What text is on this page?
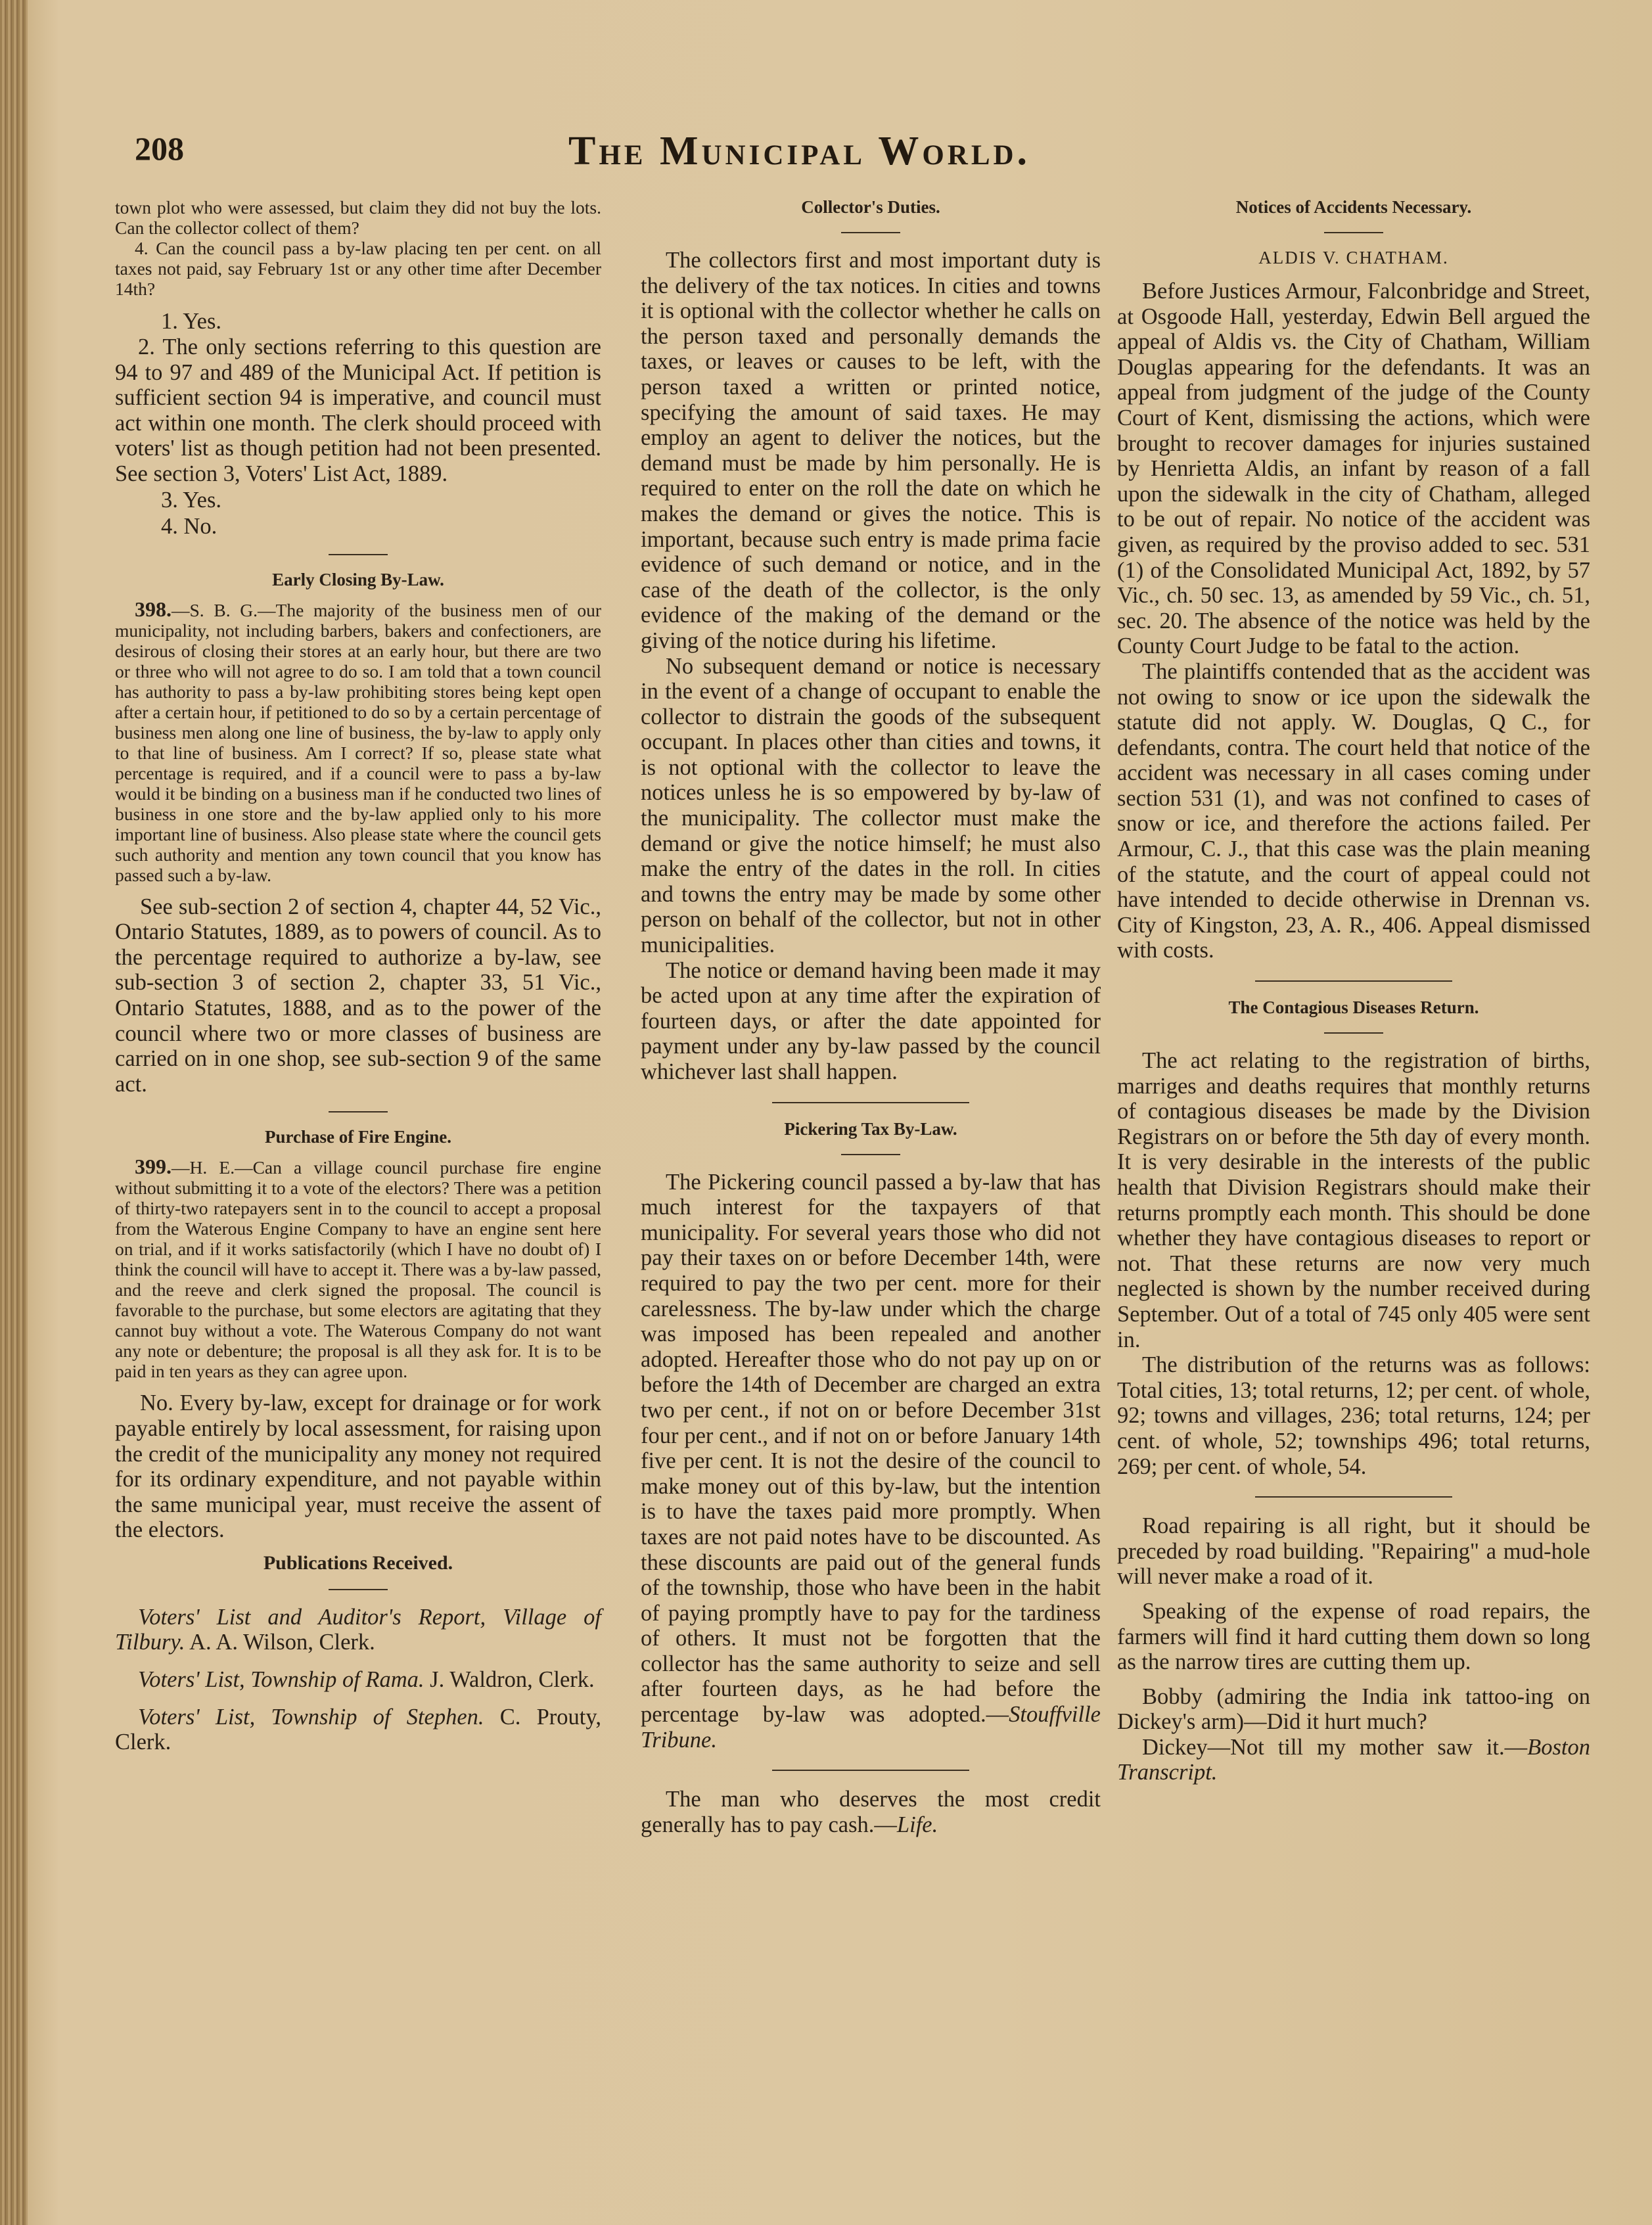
208	The Municipal World.

town plot who were assessed, but claim they did not buy the lots. Can the collector collect of them?

4. Can the council pass a by-law placing ten per cent. on all taxes not paid, say February 1st or any other time after December 14th?

1. Yes.

2. The only sections referring to this question are 94 to 97 and 489 of the Municipal Act. If petition is sufficient section 94 is imperative, and council must act within one month. The clerk should proceed with voters' list as though petition had not been presented. See section 3, Voters' List Act, 1889.

3. Yes.

4. No.

Early Closing By-Law.

398.—S. B. G.—The majority of the business men of our municipality, not including barbers, bakers and confectioners, are desirous of closing their stores at an early hour, but there are two or three who will not agree to do so. I am told that a town council has authority to pass a by-law prohibiting stores being kept open after a certain hour, if petitioned to do so by a certain percentage of business men along one line of business, the by-law to apply only to that line of business. Am I correct? If so, please state what percentage is required, and if a council were to pass a by-law would it be binding on a business man if he conducted two lines of business in one store and the by-law applied only to his more important line of business. Also please state where the council gets such authority and mention any town council that you know has passed such a by-law.

See sub-section 2 of section 4, chapter 44, 52 Vic., Ontario Statutes, 1889, as to powers of council. As to the percentage required to authorize a by-law, see sub-section 3 of section 2, chapter 33, 51 Vic., Ontario Statutes, 1888, and as to the power of the council where two or more classes of business are carried on in one shop, see sub-section 9 of the same act.

Purchase of Fire Engine.

399.—H. E.—Can a village council purchase fire engine without submitting it to a vote of the electors? There was a petition of thirty-two ratepayers sent in to the council to accept a proposal from the Waterous Engine Company to have an engine sent here on trial, and if it works satisfactorily (which I have no doubt of) I think the council will have to accept it. There was a by-law passed, and the reeve and clerk signed the proposal. The council is favorable to the purchase, but some electors are agitating that they cannot buy without a vote. The Waterous Company do not want any note or debenture; the proposal is all they ask for. It is to be paid in ten years as they can agree upon.

No. Every by-law, except for drainage or for work payable entirely by local assessment, for raising upon the credit of the municipality any money not required for its ordinary expenditure, and not payable within the same municipal year, must receive the assent of the electors.

Publications Received.

Voters' List and Auditor's Report, Village of Tilbury. A. A. Wilson, Clerk.

Voters' List, Township of Rama. J. Waldron, Clerk.

Voters' List, Township of Stephen. C. Prouty, Clerk.

Collector's Duties.

The collectors first and most important duty is the delivery of the tax notices. In cities and towns it is optional with the collector whether he calls on the person taxed and personally demands the taxes, or leaves or causes to be left, with the person taxed a written or printed notice, specifying the amount of said taxes. He may employ an agent to deliver the notices, but the demand must be made by him personally. He is required to enter on the roll the date on which he makes the demand or gives the notice. This is important, because such entry is made prima facie evidence of such demand or notice, and in the case of the death of the collector, is the only evidence of the making of the demand or the giving of the notice during his lifetime.

No subsequent demand or notice is necessary in the event of a change of occupant to enable the collector to distrain the goods of the subsequent occupant. In places other than cities and towns, it is not optional with the collector to leave the notices unless he is so empowered by by-law of the municipality. The collector must make the demand or give the notice himself; he must also make the entry of the dates in the roll. In cities and towns the entry may be made by some other person on behalf of the collector, but not in other municipalities.

The notice or demand having been made it may be acted upon at any time after the expiration of fourteen days, or after the date appointed for payment under any by-law passed by the council whichever last shall happen.

Pickering Tax By-Law.

The Pickering council passed a by-law that has much interest for the taxpayers of that municipality. For several years those who did not pay their taxes on or before December 14th, were required to pay the two per cent. more for their carelessness. The by-law under which the charge was imposed has been repealed and another adopted. Hereafter those who do not pay up on or before the 14th of December are charged an extra two per cent., if not on or before December 31st four per cent., and if not on or before January 14th five per cent. It is not the desire of the council to make money out of this by-law, but the intention is to have the taxes paid more promptly. When taxes are not paid notes have to be discounted. As these discounts are paid out of the general funds of the township, those who have been in the habit of paying promptly have to pay for the tardiness of others. It must not be forgotten that the collector has the same authority to seize and sell after fourteen days, as he had before the percentage by-law was adopted.—Stouffville Tribune.

The man who deserves the most credit generally has to pay cash.—Life.

Notices of Accidents Necessary.

ALDIS V. CHATHAM.

Before Justices Armour, Falconbridge and Street, at Osgoode Hall, yesterday, Edwin Bell argued the appeal of Aldis vs. the City of Chatham, William Douglas appearing for the defendants. It was an appeal from judgment of the judge of the County Court of Kent, dismissing the actions, which were brought to recover damages for injuries sustained by Henrietta Aldis, an infant by reason of a fall upon the sidewalk in the city of Chatham, alleged to be out of repair. No notice of the accident was given, as required by the proviso added to sec. 531 (1) of the Consolidated Municipal Act, 1892, by 57 Vic., ch. 50 sec. 13, as amended by 59 Vic., ch. 51, sec. 20. The absence of the notice was held by the County Court Judge to be fatal to the action.

The plaintiffs contended that as the accident was not owing to snow or ice upon the sidewalk the statute did not apply. W. Douglas, Q C., for defendants, contra. The court held that notice of the accident was necessary in all cases coming under section 531 (1), and was not confined to cases of snow or ice, and therefore the actions failed. Per Armour, C. J., that this case was the plain meaning of the statute, and the court of appeal could not have intended to decide otherwise in Drennan vs. City of Kingston, 23, A. R., 406. Appeal dismissed with costs.

The Contagious Diseases Return.

The act relating to the registration of births, marriges and deaths requires that monthly returns of contagious diseases be made by the Division Registrars on or before the 5th day of every month. It is very desirable in the interests of the public health that Division Registrars should make their returns promptly each month. This should be done whether they have contagious diseases to report or not. That these returns are now very much neglected is shown by the number received during September. Out of a total of 745 only 405 were sent in.

The distribution of the returns was as follows: Total cities, 13; total returns, 12; per cent. of whole, 92; towns and villages, 236; total returns, 124; per cent. of whole, 52; townships 496; total returns, 269; per cent. of whole, 54.

Road repairing is all right, but it should be preceded by road building. "Repairing" a mud-hole will never make a road of it.

Speaking of the expense of road repairs, the farmers will find it hard cutting them down so long as the narrow tires are cutting them up.

Bobby (admiring the India ink tattoo-ing on Dickey's arm)—Did it hurt much?

Dickey—Not till my mother saw it.—Boston Transcript.
